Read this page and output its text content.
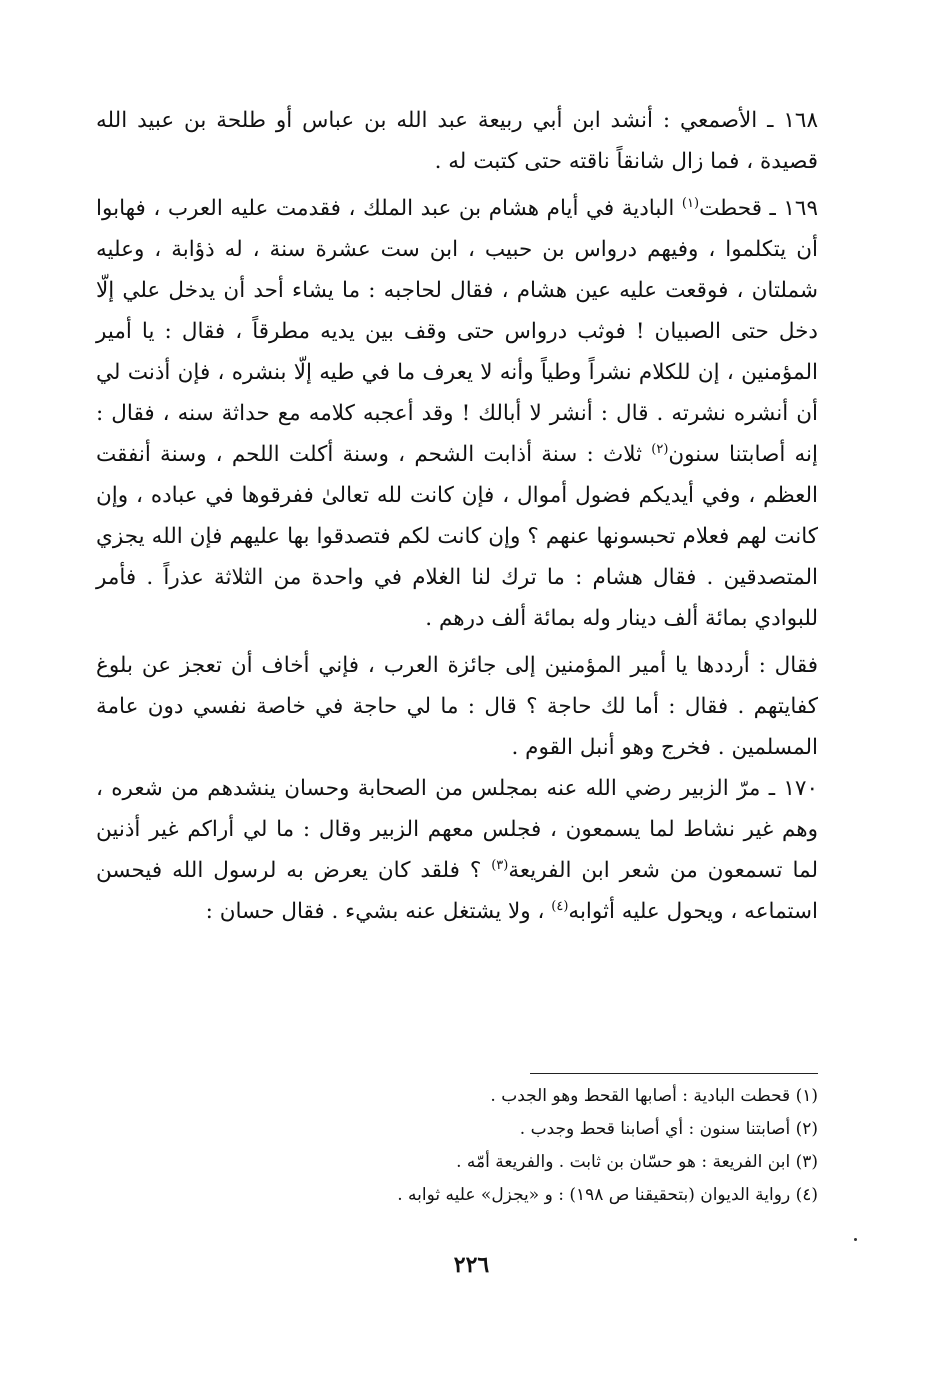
١٦٨ ـ الأصمعي : أنشد ابن أبي ربيعة عبد الله بن عباس أو طلحة بن عبيد الله قصيدة ، فما زال شانقاً ناقته حتى كتبت له .

١٦٩ ـ قحطت$^{(١)}$ البادية في أيام هشام بن عبد الملك ، فقدمت عليه العرب ، فهابوا أن يتكلموا ، وفيهم درواس بن حبيب ، ابن ست عشرة سنة ، له ذؤابة ، وعليه شملتان ، فوقعت عليه عين هشام ، فقال لحاجبه : ما يشاء أحد أن يدخل علي إلّا دخل حتى الصبيان ! فوثب درواس حتى وقف بين يديه مطرقاً ، فقال : يا أمير المؤمنين ، إن للكلام نشراً وطياً وأنه لا يعرف ما في طيه إلّا بنشره ، فإن أذنت لي أن أنشره نشرته . قال : أنشر لا أبالك ! وقد أعجبه كلامه مع حداثة سنه ، فقال : إنه أصابتنا سنون$^{(٢)}$ ثلاث : سنة أذابت الشحم ، وسنة أكلت اللحم ، وسنة أنفقت العظم ، وفي أيديكم فضول أموال ، فإن كانت لله تعالىٰ ففرقوها في عباده ، وإن كانت لهم فعلام تحبسونها عنهم ؟ وإن كانت لكم فتصدقوا بها عليهم فإن الله يجزي المتصدقين . فقال هشام : ما ترك لنا الغلام في واحدة من الثلاثة عذراً . فأمر للبوادي بمائة ألف دينار وله بمائة ألف درهم .

فقال : أرددها يا أمير المؤمنين إلى جائزة العرب ، فإني أخاف أن تعجز عن بلوغ كفايتهم . فقال : أما لك حاجة ؟ قال : ما لي حاجة في خاصة نفسي دون عامة المسلمين . فخرج وهو أنبل القوم .

١٧٠ ـ مرّ الزبير رضي الله عنه بمجلس من الصحابة وحسان ينشدهم من شعره ، وهم غير نشاط لما يسمعون ، فجلس معهم الزبير وقال : ما لي أراكم غير أذنين لما تسمعون من شعر ابن الفريعة$^{(٣)}$ ؟ فلقد كان يعرض به لرسول الله فيحسن استماعه ، ويحول عليه أثوابه$^{(٤)}$ ، ولا يشتغل عنه بشيء . فقال حسان :

(١) قحطت البادية : أصابها القحط وهو الجدب .

(٢) أصابتنا سنون : أي أصابنا قحط وجدب .

(٣) ابن الفريعة : هو حسّان بن ثابت . والفريعة أمّه .

(٤) رواية الديوان (بتحقيقنا ص ١٩٨) : و «يجزل» عليه ثوابه .

٢٢٦
